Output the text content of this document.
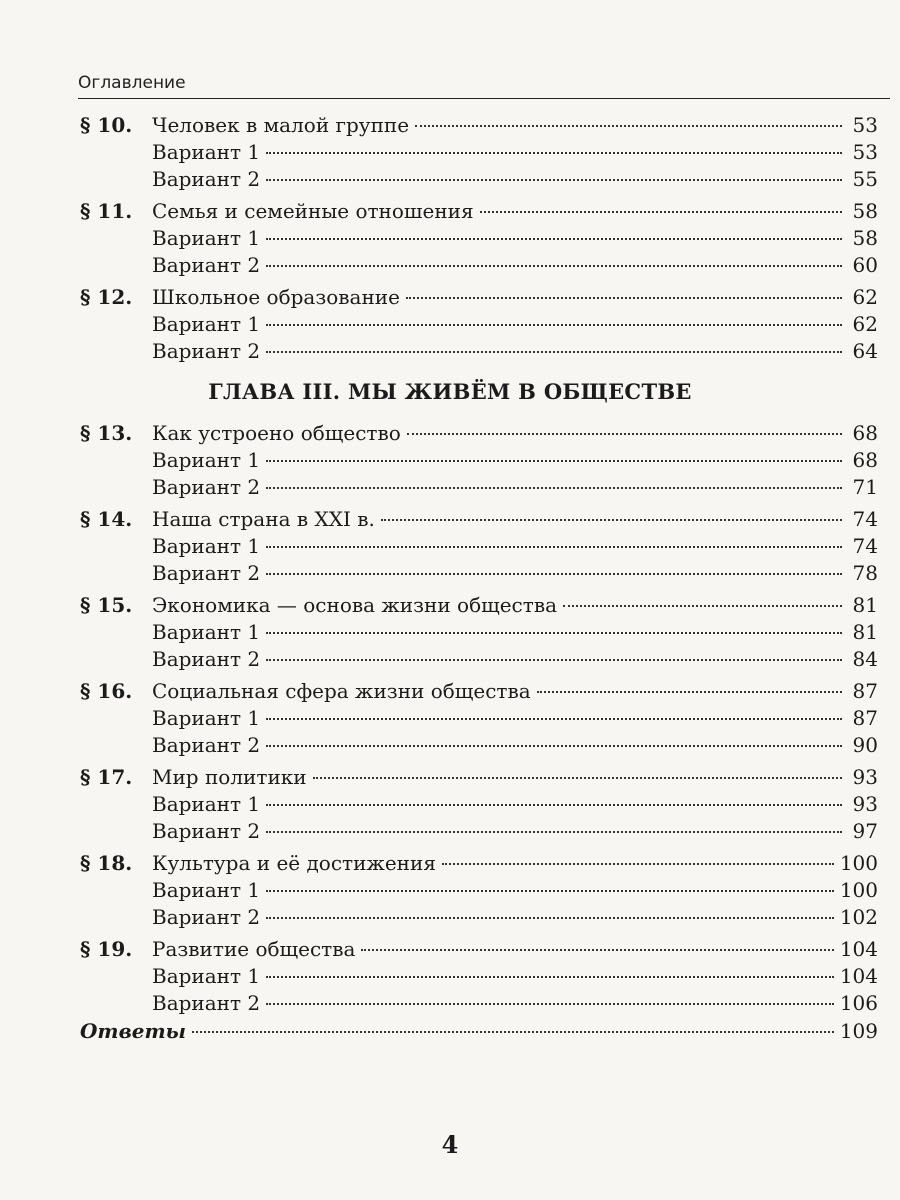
Оглавление
§ 10. Человек в малой группе	53
Вариант 1	53
Вариант 2	55
§ 11. Семья и семейные отношения	58
Вариант 1	58
Вариант 2	60
§ 12. Школьное образование	62
Вариант 1	62
Вариант 2	64
§ 13. Как устроено общество	68
Вариант 1	68
Вариант 2	71
§ 14. Наша страна в XXI в.	74
Вариант 1	74
Вариант 2	78
§ 15. Экономика — основа жизни общества	81
Вариант 1	81
Вариант 2	84
§ 16. Социальная сфера жизни общества	87
Вариант 1	87
Вариант 2	90
§ 17. Мир политики	93
Вариант 1	93
Вариант 2	97
§ 18. Культура и её достижения	100
Вариант 1	100
Вариант 2	102
§ 19. Развитие общества	104
Вариант 1	104
Вариант 2	106
ГЛАВА III. МЫ ЖИВЁМ В ОБЩЕСТВЕ
Ответы	109
4
